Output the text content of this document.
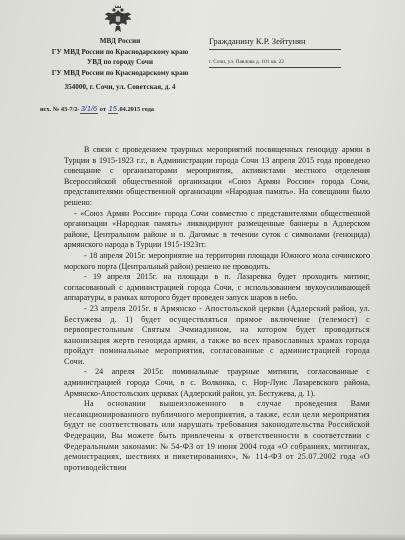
МВД России
ГУ МВД России по Краснодарскому краю
УВД по городу Сочи
ГУ МВД России по Краснодарскому краю
354000, г. Сочи, ул. Советская, д. 4
исх. № 43-7/2-3/1/6 от 15.04.2015 года
Гражданину К.Р. Зейтунян
г. Сочи, ул. Павлова д. 101 кв. 22

В связи с проведением траурных мероприятий посвященных геноциду армян в Турции в 1915-1923 г.г., в Администрации города Сочи 13 апреля 2015 года проведено совещание с организаторами мероприятия, активистами местного отделения Всероссийской общественной организации «Союз Армян России» города Сочи, представителями общественной организации «Народная память». На совещании было решено:

- «Союз Армян России» города Сочи совместно с представителями общественной организации «Народная память» ликвидируют размещенные баннеры в Адлерском районе, Центральном районе и п. Дагомыс в течении суток с символами (геноцида) армянского народа в Турции 1915-1923гг.

- 18 апреля 2015г. мероприятие на территории площади Южного мола сочинского морского порта (Центральный район) решено не проводить.

- 19 апреля 2015г. на площади в п. Лазаревка будет проходить митинг, согласованный с администрацией города Сочи, с использованием звукоусиливающей аппаратуры, в рамках которого будет проведен запуск шаров в небо.

- 23 апреля 2015г. в Армянско - Апостольской церкви (Адлерский район, ул. Бестужева д. 1) будет осуществляться прямое включение (телемост) с первопрестольным Святым Эчмиадзином, на котором будет проводиться канонизация жертв геноцида армян, а также во всех православных храмах города пройдут поминальные мероприятия, согласованные с администрацией города Сочи.

- 24 апреля 2015г. поминальные траурные митинги, согласованные с администрацией города Сочи, в с. Волконка, с. Нор-Луис Лазаревского района, Армянско-Апостольских церквах (Адлерский район, ул. Бестужева, д. 1).

На основании вышеизложенного в случае проведения Вами несанкционированного публичного мероприятия, а также, если цели мероприятия будут не соответствовать или нарушать требования законодательства Российской Федерации, Вы можете быть привлечены к ответственности в соответствии с Федеральными законами: № 54-ФЗ от 19 июня 2004 года «О собраниях, митингах, демонстрациях, шествиях и пикетированиях», № 114-ФЗ от 25.07.2002 года «О противодействии
